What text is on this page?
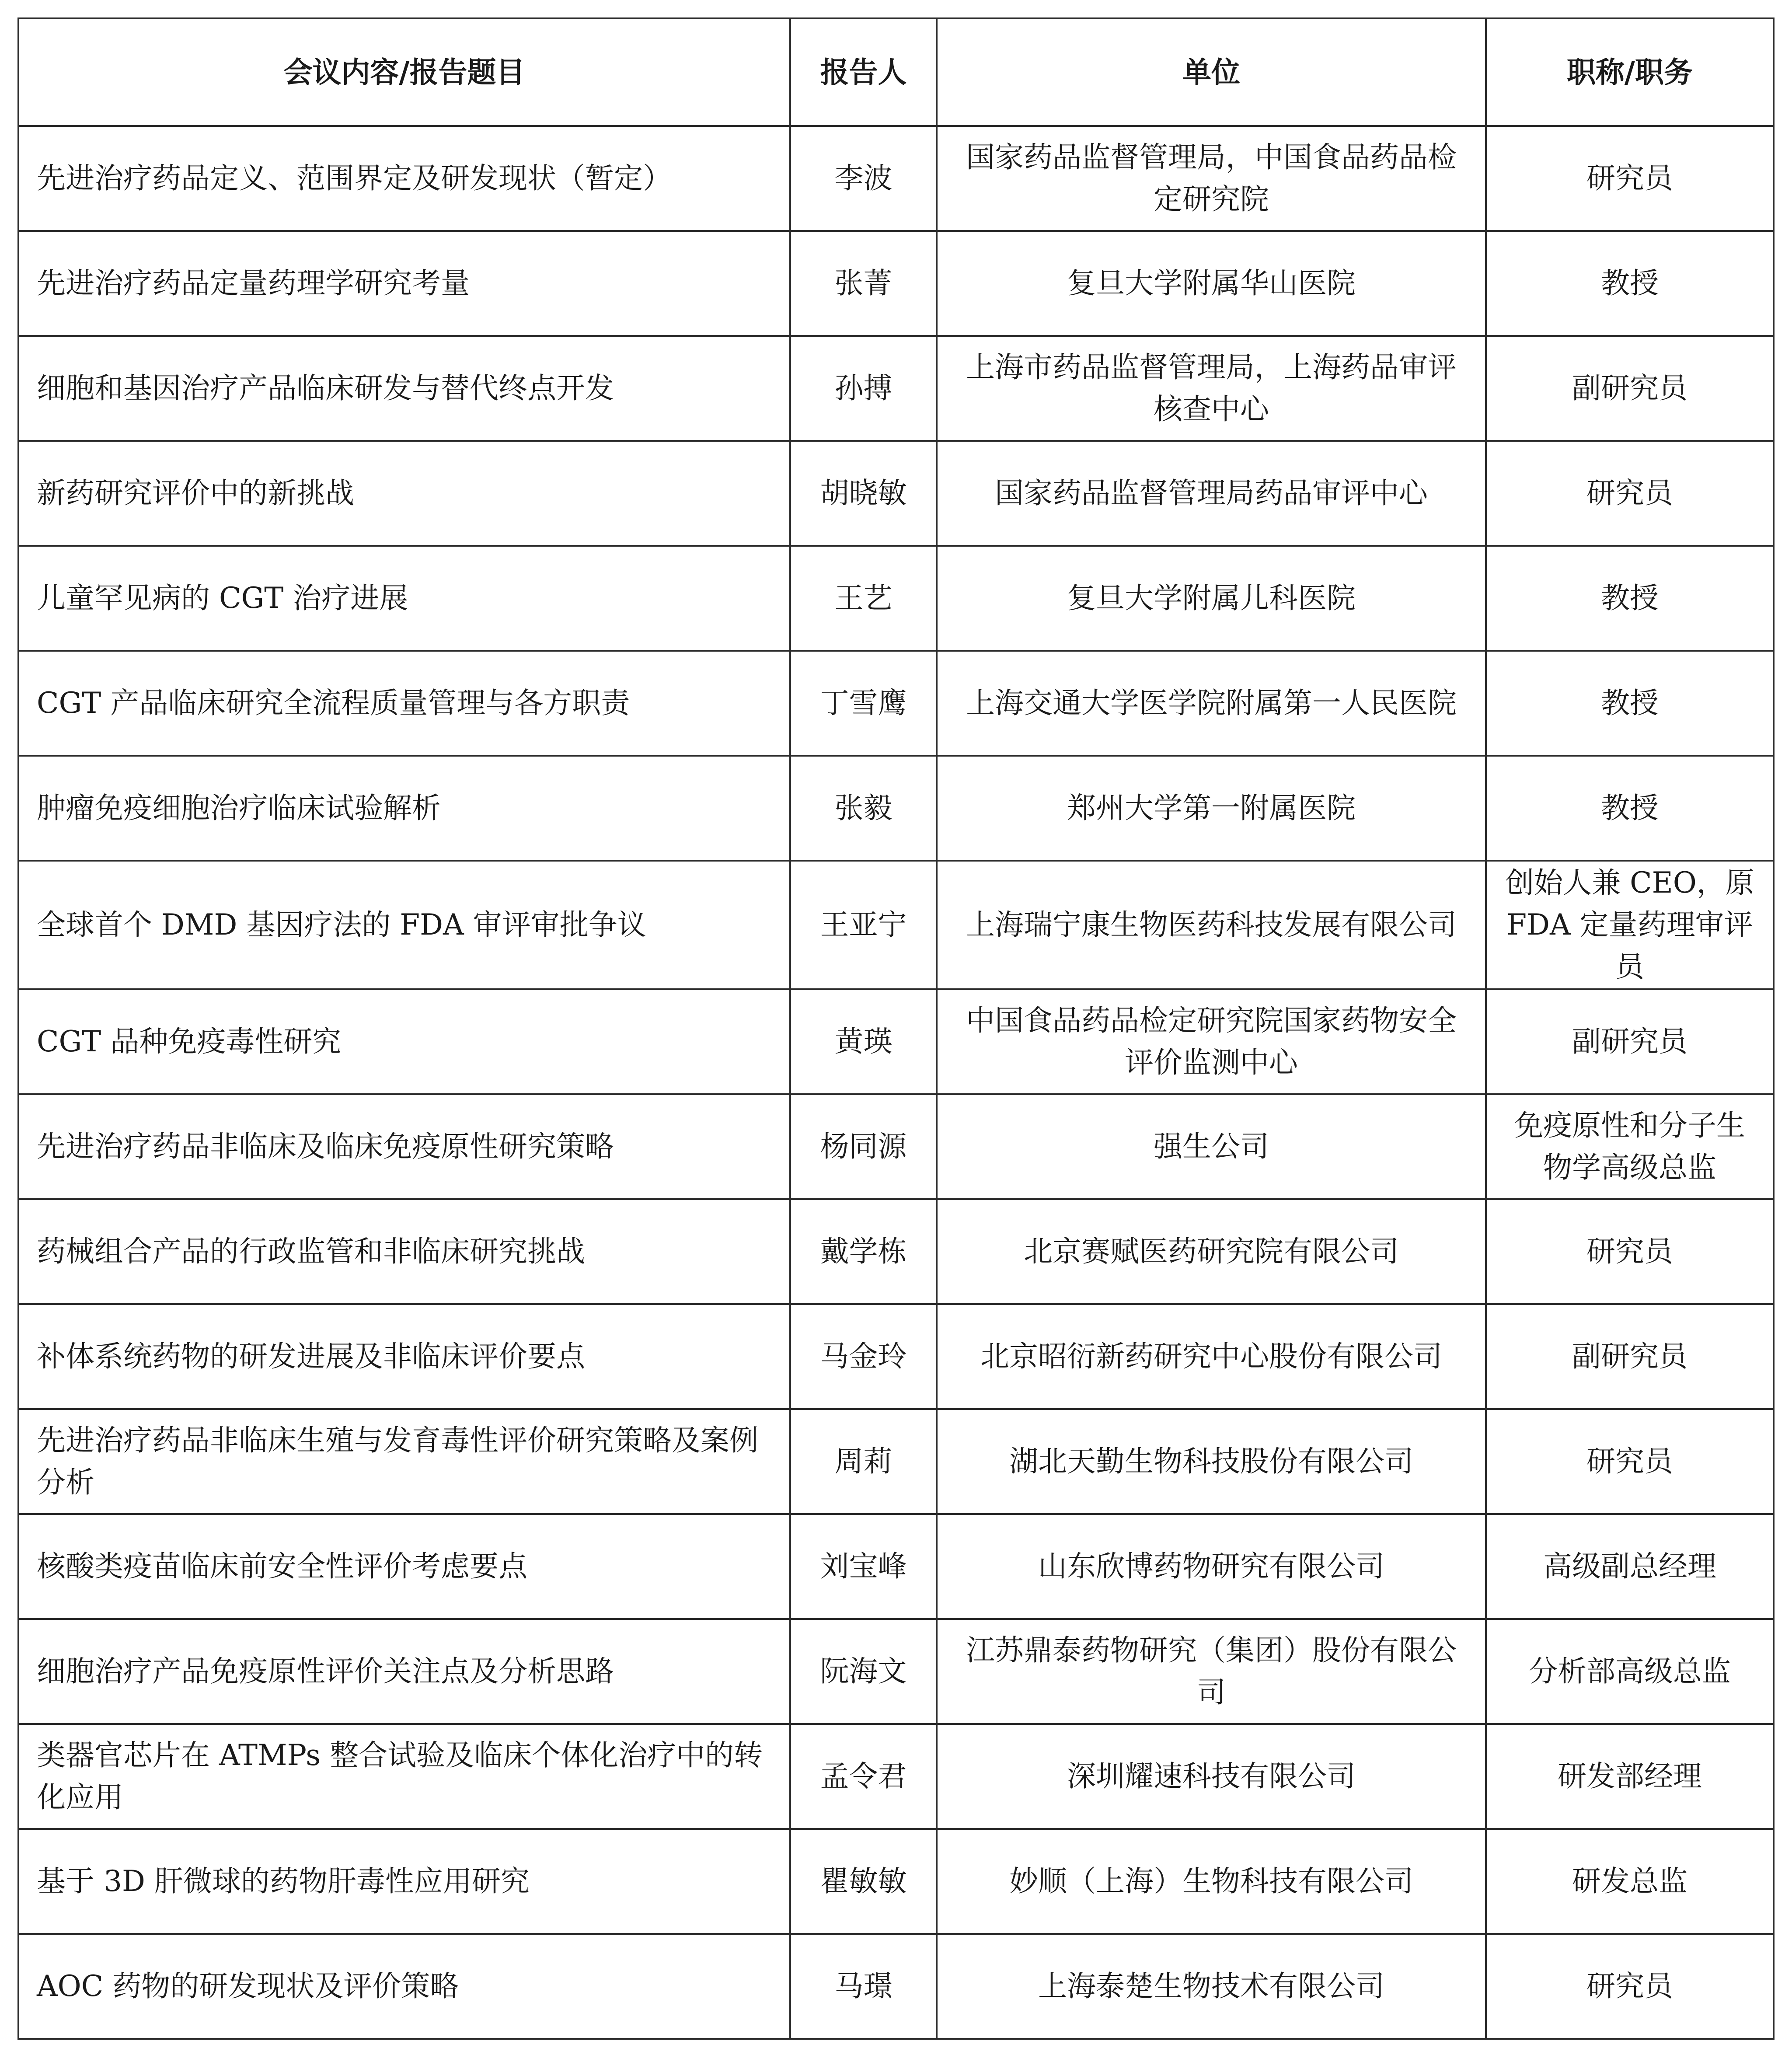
会议内容/报告题目	报告人	单位	职称/职务
先进治疗药品定义、范围界定及研发现状（暂定）	李波	国家药品监督管理局，中国食品药品检定研究院	研究员
先进治疗药品定量药理学研究考量	张菁	复旦大学附属华山医院	教授
细胞和基因治疗产品临床研发与替代终点开发	孙搏	上海市药品监督管理局，上海药品审评核查中心	副研究员
新药研究评价中的新挑战	胡晓敏	国家药品监督管理局药品审评中心	研究员
儿童罕见病的 CGT 治疗进展	王艺	复旦大学附属儿科医院	教授
CGT 产品临床研究全流程质量管理与各方职责	丁雪鹰	上海交通大学医学院附属第一人民医院	教授
肿瘤免疫细胞治疗临床试验解析	张毅	郑州大学第一附属医院	教授
全球首个 DMD 基因疗法的 FDA 审评审批争议	王亚宁	上海瑞宁康生物医药科技发展有限公司	创始人兼 CEO，原 FDA 定量药理审评员
CGT 品种免疫毒性研究	黄瑛	中国食品药品检定研究院国家药物安全评价监测中心	副研究员
先进治疗药品非临床及临床免疫原性研究策略	杨同源	强生公司	免疫原性和分子生物学高级总监
药械组合产品的行政监管和非临床研究挑战	戴学栋	北京赛赋医药研究院有限公司	研究员
补体系统药物的研发进展及非临床评价要点	马金玲	北京昭衍新药研究中心股份有限公司	副研究员
先进治疗药品非临床生殖与发育毒性评价研究策略及案例分析	周莉	湖北天勤生物科技股份有限公司	研究员
核酸类疫苗临床前安全性评价考虑要点	刘宝峰	山东欣博药物研究有限公司	高级副总经理
细胞治疗产品免疫原性评价关注点及分析思路	阮海文	江苏鼎泰药物研究（集团）股份有限公司	分析部高级总监
类器官芯片在 ATMPs 整合试验及临床个体化治疗中的转化应用	孟令君	深圳耀速科技有限公司	研发部经理
基于 3D 肝微球的药物肝毒性应用研究	瞿敏敏	妙顺（上海）生物科技有限公司	研发总监
AOC 药物的研发现状及评价策略	马璟	上海泰楚生物技术有限公司	研究员
